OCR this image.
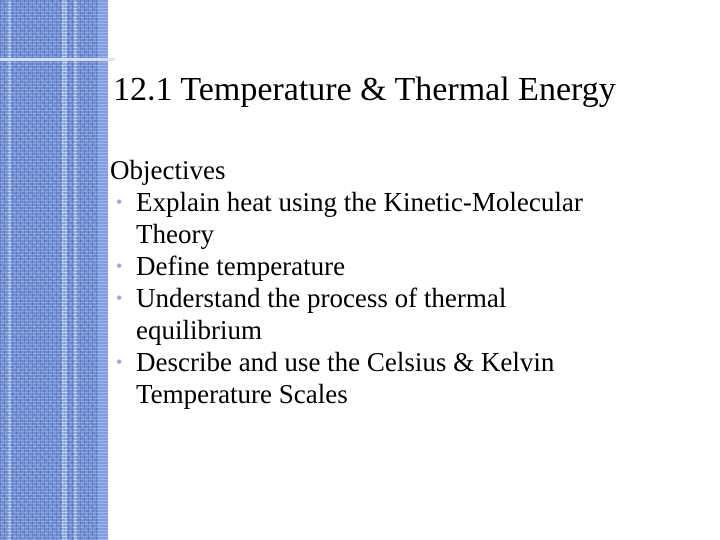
12.1 Temperature & Thermal Energy

Objectives

• Explain heat using the Kinetic-Molecular
Theory
• Define temperature
• Understand the process of thermal
equilibrium
• Describe and use the Celsius & Kelvin
Temperature Scales
